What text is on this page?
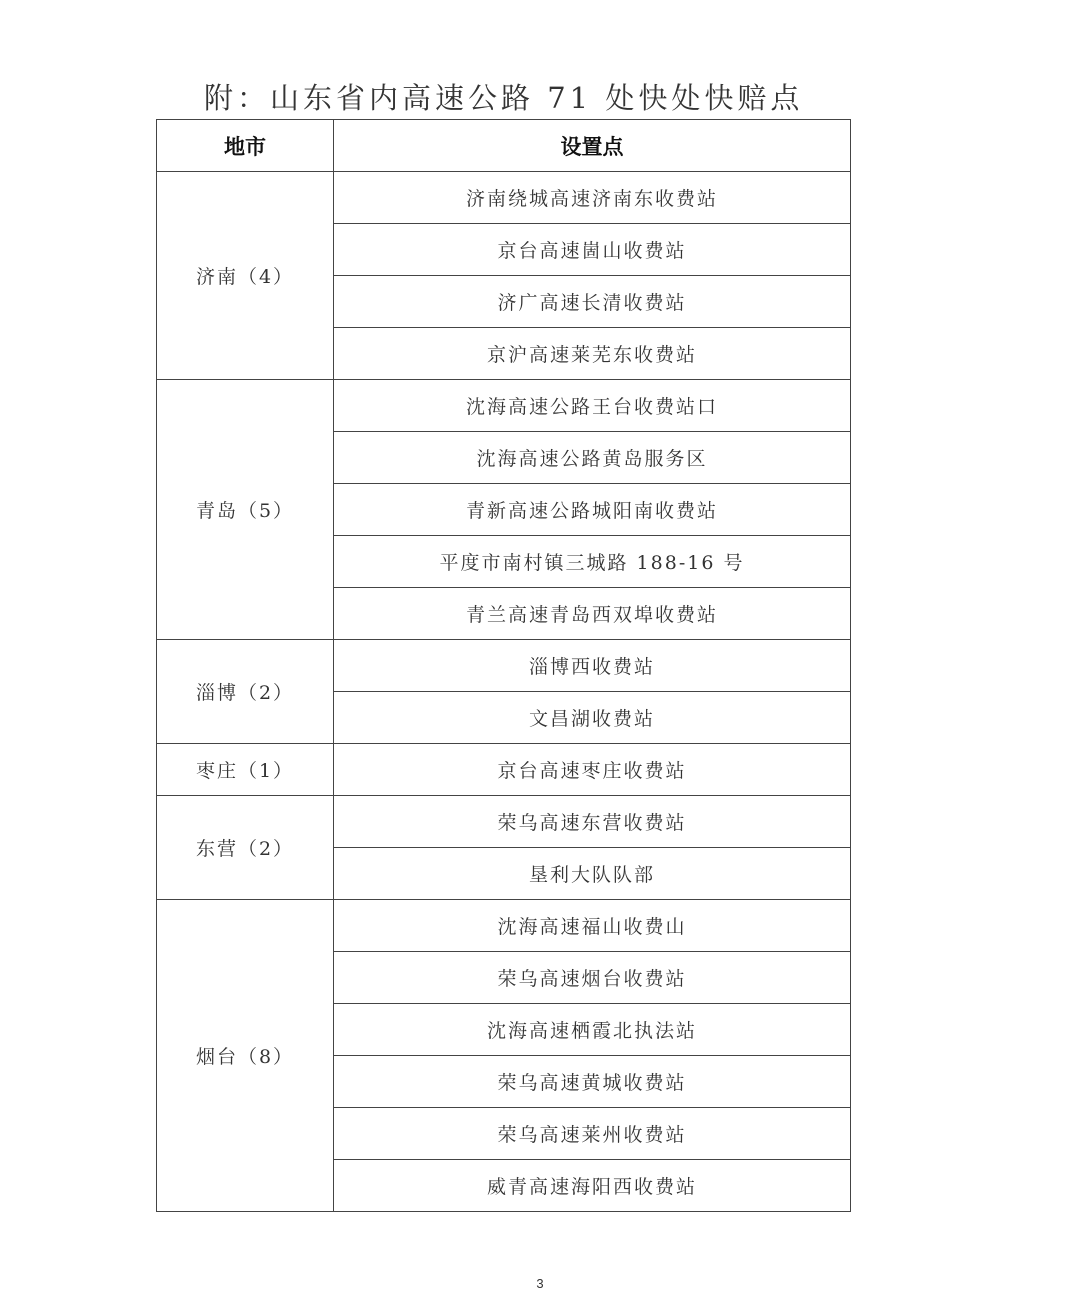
附：山东省内高速公路 71 处快处快赔点
地市	设置点
济南（4）	济南绕城高速济南东收费站
	京台高速崮山收费站
	济广高速长清收费站
	京沪高速莱芜东收费站
青岛（5）	沈海高速公路王台收费站口
	沈海高速公路黄岛服务区
	青新高速公路城阳南收费站
	平度市南村镇三城路 188-16 号
	青兰高速青岛西双埠收费站
淄博（2）	淄博西收费站
	文昌湖收费站
枣庄（1）	京台高速枣庄收费站
东营（2）	荣乌高速东营收费站
	垦利大队队部
烟台（8）	沈海高速福山收费山
	荣乌高速烟台收费站
	沈海高速栖霞北执法站
	荣乌高速黄城收费站
	荣乌高速莱州收费站
	威青高速海阳西收费站
3
